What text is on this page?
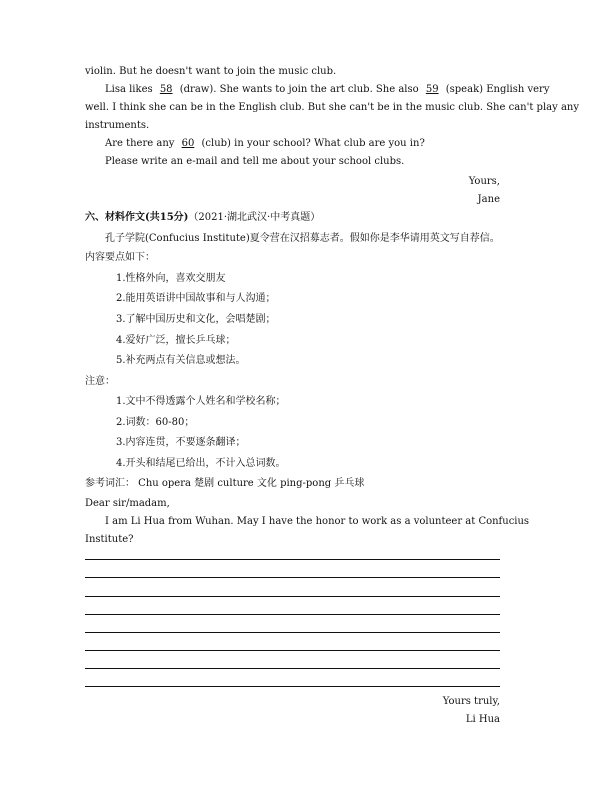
violin. But he doesn't want to join the music club.
Lisa likes 58 (draw). She wants to join the art club. She also 59 (speak) English very
well. I think she can be in the English club. But she can't be in the music club. She can't play any
instruments.
Are there any 60 (club) in your school? What club are you in?
Please write an e-mail and tell me about your school clubs.
Yours,
Jane
六、材料作文(共15分)（2021·湖北武汉·中考真题）
孔子学院(Confucius Institute)夏令营在汉招募志者。假如你是李华请用英文写自荐信。
内容要点如下：
1.性格外向，喜欢交朋友
2.能用英语讲中国故事和与人沟通；
3.了解中国历史和文化，会唱楚剧；
4.爱好广泛，擅长乒乓球；
5.补充两点有关信息或想法。
注意：
1.文中不得透露个人姓名和学校名称；
2.词数：60-80；
3.内容连贯，不要逐条翻译；
4.开头和结尾已给出，不计入总词数。
参考词汇： Chu opera 楚剧 culture 文化 ping-pong 乒乓球
Dear sir/madam,
I am Li Hua from Wuhan. May I have the honor to work as a volunteer at Confucius
Institute?
Yours truly,
Li Hua
